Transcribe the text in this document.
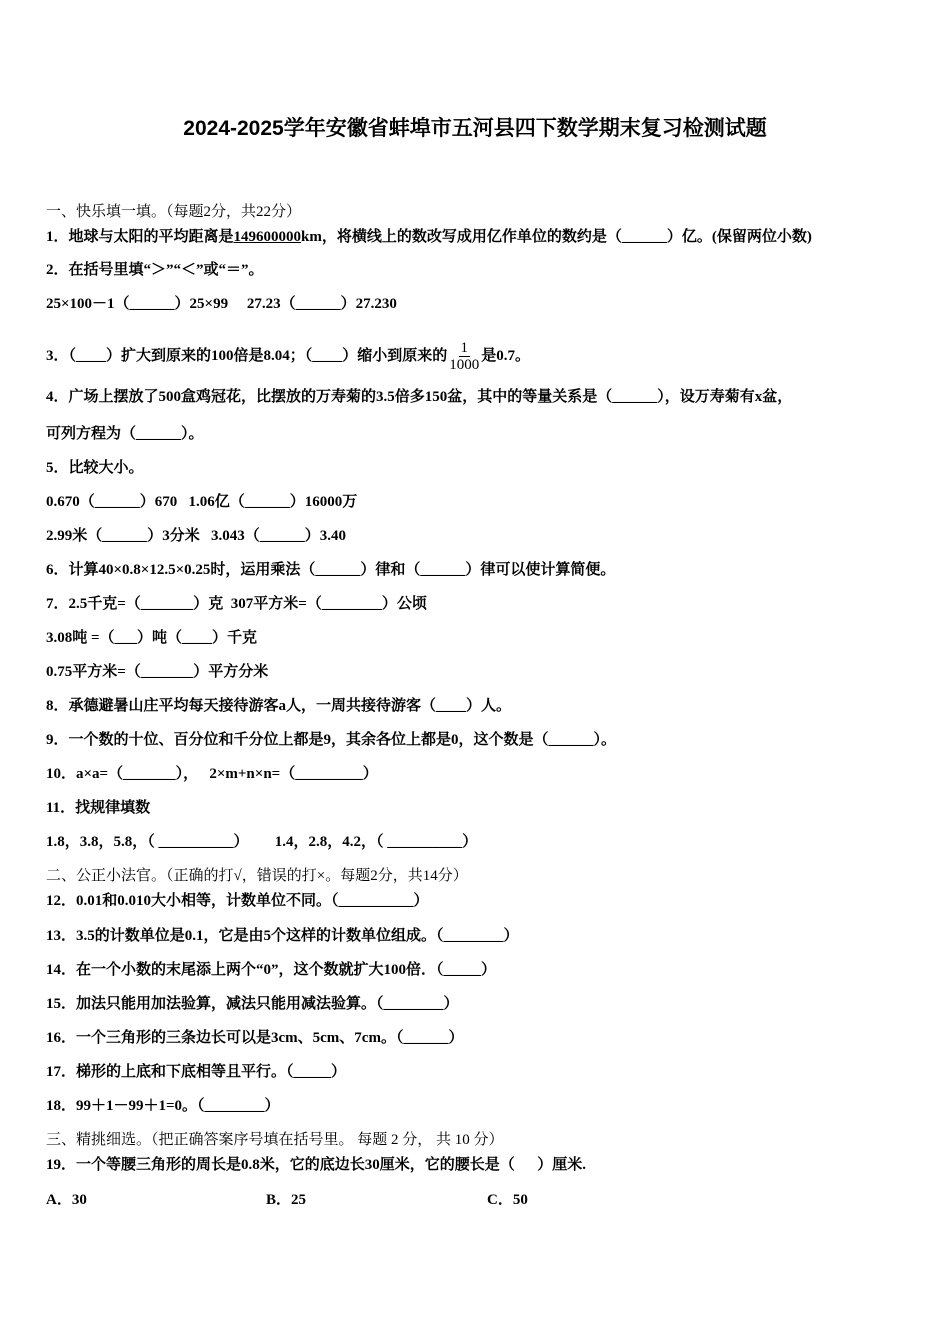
2024-2025学年安徽省蚌埠市五河县四下数学期末复习检测试题
一、快乐填一填。（每题2分，共22分）
1．地球与太阳的平均距离是149600000km，将横线上的数改写成用亿作单位的数约是（______）亿。(保留两位小数)
2．在括号里填“＞”“＜”或“＝”。
25×100－1（______）25×99     27.23（______）27.230
3．（____）扩大到原来的100倍是8.04；（____）缩小到原来的 $\frac{1}{1000}$ 是0.7。
4．广场上摆放了500盒鸡冠花，比摆放的万寿菊的3.5倍多150盆，其中的等量关系是（______），设万寿菊有x盆，
可列方程为（______）。
5．比较大小。
0.670（______）670   1.06亿（______）16000万
2.99米（______）3分米   3.043（______）3.40
6．计算40×0.8×12.5×0.25时，运用乘法（______）律和（______）律可以使计算简便。
7．2.5千克=（_______）克  307平方米=（________）公顷
3.08吨 =（___）吨（____）千克
0.75平方米=（_______）平方分米
8．承德避暑山庄平均每天接待游客a人，一周共接待游客（____）人。
9．一个数的十位、百分位和千分位上都是9，其余各位上都是0，这个数是（______）。
10．a×a=（_______），   2×m+n×n=（_________）
11．找规律填数
1.8，3.8，5.8，（ __________）       1.4，2.8，4.2，（ __________）
二、公正小法官。（正确的打√，错误的打×。每题2分，共14分）
12．0.01和0.010大小相等，计数单位不同。（__________）
13．3.5的计数单位是0.1，它是由5个这样的计数单位组成。（________）
14．在一个小数的末尾添上两个“0”，这个数就扩大100倍．（_____）
15．加法只能用加法验算，减法只能用减法验算。（________）
16．一个三角形的三条边长可以是3cm、5cm、7cm。（______）
17．梯形的上底和下底相等且平行。（_____）
18．99＋1－99＋1=0。（________）
三、精挑细选。（把正确答案序号填在括号里。 每题 2 分， 共 10 分）
19．一个等腰三角形的周长是0.8米，它的底边长30厘米，它的腰长是（      ）厘米.
A．30	B．25	C．50
